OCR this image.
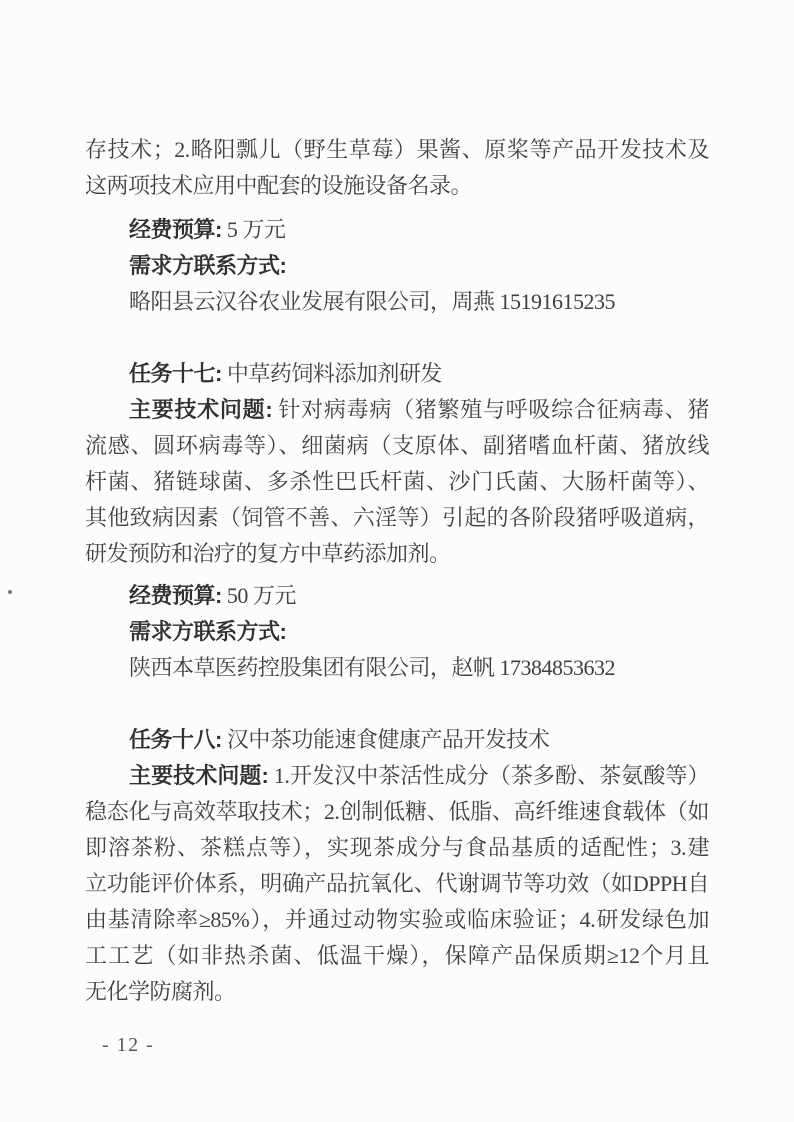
存技术；2.略阳瓢儿（野生草莓）果酱、原桨等产品开发技术及
这两项技术应用中配套的设施设备名录。
经费预算: 5 万元
需求方联系方式:
略阳县云汉谷农业发展有限公司，周燕 15191615235
任务十七: 中草药饲料添加剂研发
主要技术问题: 针对病毒病（猪繁殖与呼吸综合征病毒、猪
流感、圆环病毒等）、细菌病（支原体、副猪嗜血杆菌、猪放线
杆菌、猪链球菌、多杀性巴氏杆菌、沙门氏菌、大肠杆菌等）、
其他致病因素（饲管不善、六淫等）引起的各阶段猪呼吸道病，
研发预防和治疗的复方中草药添加剂。
经费预算: 50 万元
需求方联系方式:
陕西本草医药控股集团有限公司，赵帆 17384853632
任务十八: 汉中茶功能速食健康产品开发技术
主要技术问题: 1.开发汉中茶活性成分（茶多酚、茶氨酸等）
稳态化与高效萃取技术；2.创制低糖、低脂、高纤维速食载体（如
即溶茶粉、茶糕点等），实现茶成分与食品基质的适配性；3.建
立功能评价体系，明确产品抗氧化、代谢调节等功效（如DPPH自
由基清除率≥85%），并通过动物实验或临床验证；4.研发绿色加
工工艺（如非热杀菌、低温干燥），保障产品保质期≥12个月且
无化学防腐剂。
- 12 -
